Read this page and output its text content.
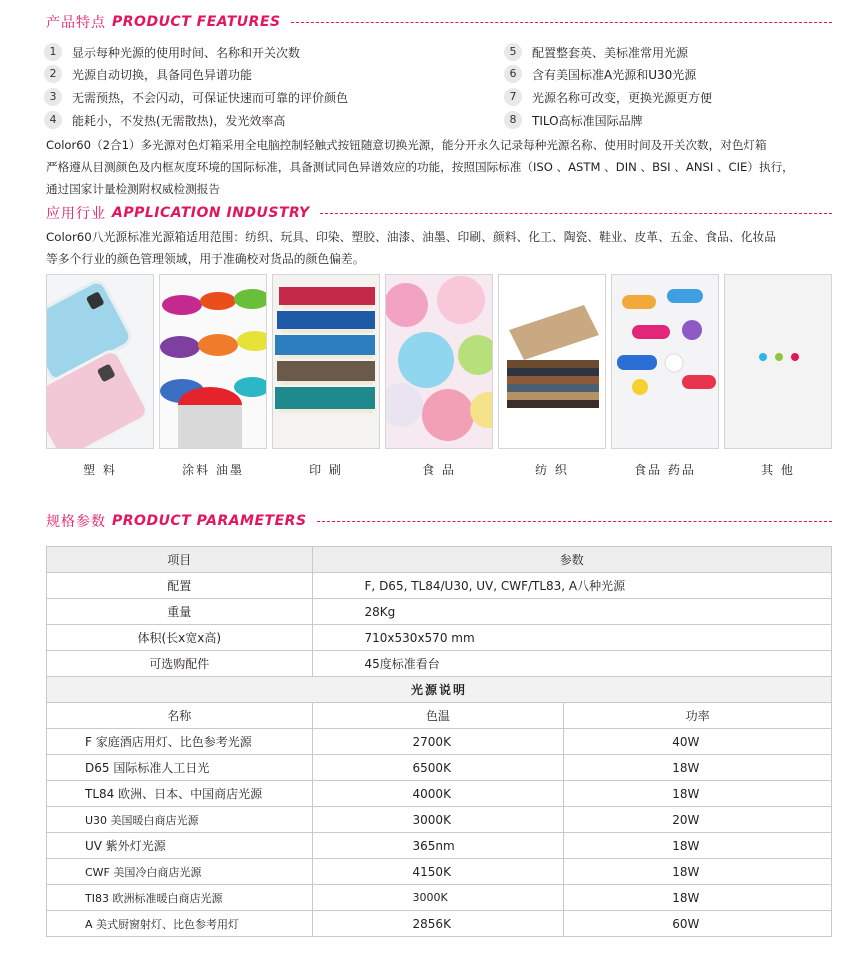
产品特点 PRODUCT FEATURES
1	显示每种光源的使用时间、名称和开关次数
2	光源自动切换，具备同色异谱功能
3	无需预热，不会闪动，可保证快速而可靠的评价颜色
4	能耗小，不发热(无需散热)，发光效率高
5	配置整套英、美标准常用光源
6	含有美国标准A光源和U30光源
7	光源名称可改变，更换光源更方便
8	TILO高标准国际品牌
Color60（2合1）多光源对色灯箱采用全电脑控制轻触式按钮随意切换光源，能分开永久记录每种光源名称、使用时间及开关次数，对色灯箱
严格遵从目测颜色及内框灰度环境的国际标准，具备测试同色异谱效应的功能，按照国际标准（ISO 、ASTM 、DIN 、BSI 、ANSI 、CIE）执行，
通过国家计量检测附权威检测报告
应用行业 APPLICATION INDUSTRY
Color60八光源标准光源箱适用范围：纺织、玩具、印染、塑胶、油漆、油墨、印刷、颜料、化工、陶瓷、鞋业、皮革、五金、食品、化妆品
等多个行业的颜色管理领域，用于准确校对货品的颜色偏差。
塑 料	涂料 油墨	印 刷	食 品	纺 织	食品 药品	其 他
规格参数 PRODUCT PARAMETERS
项目	参数	
配置	F, D65, TL84/U30, UV, CWF/TL83, A八种光源	
重量	28Kg	
体积(长x宽x高)	710x530x570 mm	
可选购配件	45度标准看台	
光源说明		
名称	色温	功率
F 家庭酒店用灯、比色参考光源	2700K	40W
D65 国际标准人工日光	6500K	18W
TL84 欧洲、日本、中国商店光源	4000K	18W
U30 美国暖白商店光源	3000K	20W
UV 紫外灯光源	365nm	18W
CWF 美国冷白商店光源	4150K	18W
TI83 欧洲标准暖白商店光源	3000K	18W
A 美式厨窗射灯、比色参考用灯	2856K	60W
